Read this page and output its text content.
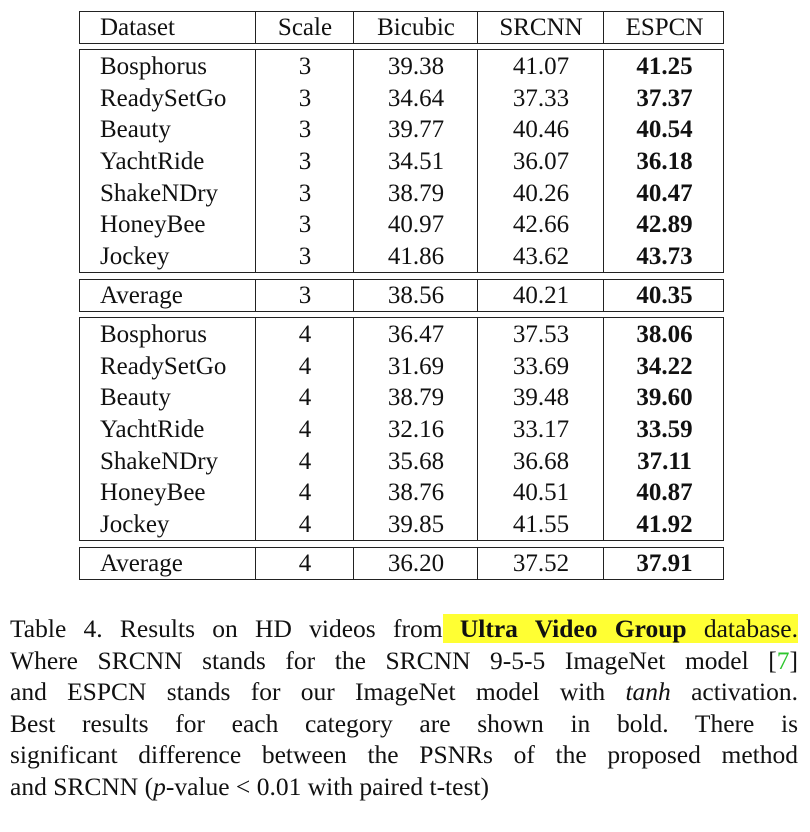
Dataset	Scale	Bicubic	SRCNN	ESPCN
Bosphorus	3	39.38	41.07	41.25
ReadySetGo	3	34.64	37.33	37.37
Beauty	3	39.77	40.46	40.54
YachtRide	3	34.51	36.07	36.18
ShakeNDry	3	38.79	40.26	40.47
HoneyBee	3	40.97	42.66	42.89
Jockey	3	41.86	43.62	43.73
Average	3	38.56	40.21	40.35
Bosphorus	4	36.47	37.53	38.06
ReadySetGo	4	31.69	33.69	34.22
Beauty	4	38.79	39.48	39.60
YachtRide	4	32.16	33.17	33.59
ShakeNDry	4	35.68	36.68	37.11
HoneyBee	4	38.76	40.51	40.87
Jockey	4	39.85	41.55	41.92
Average	4	36.20	37.52	37.91
Table 4. Results on HD videos from Ultra Video Group database.
Where SRCNN stands for the SRCNN 9-5-5 ImageNet model [7]
and ESPCN stands for our ImageNet model with tanh activation.
Best results for each category are shown in bold. There is
significant difference between the PSNRs of the proposed method
and SRCNN (p-value < 0.01 with paired t-test)
